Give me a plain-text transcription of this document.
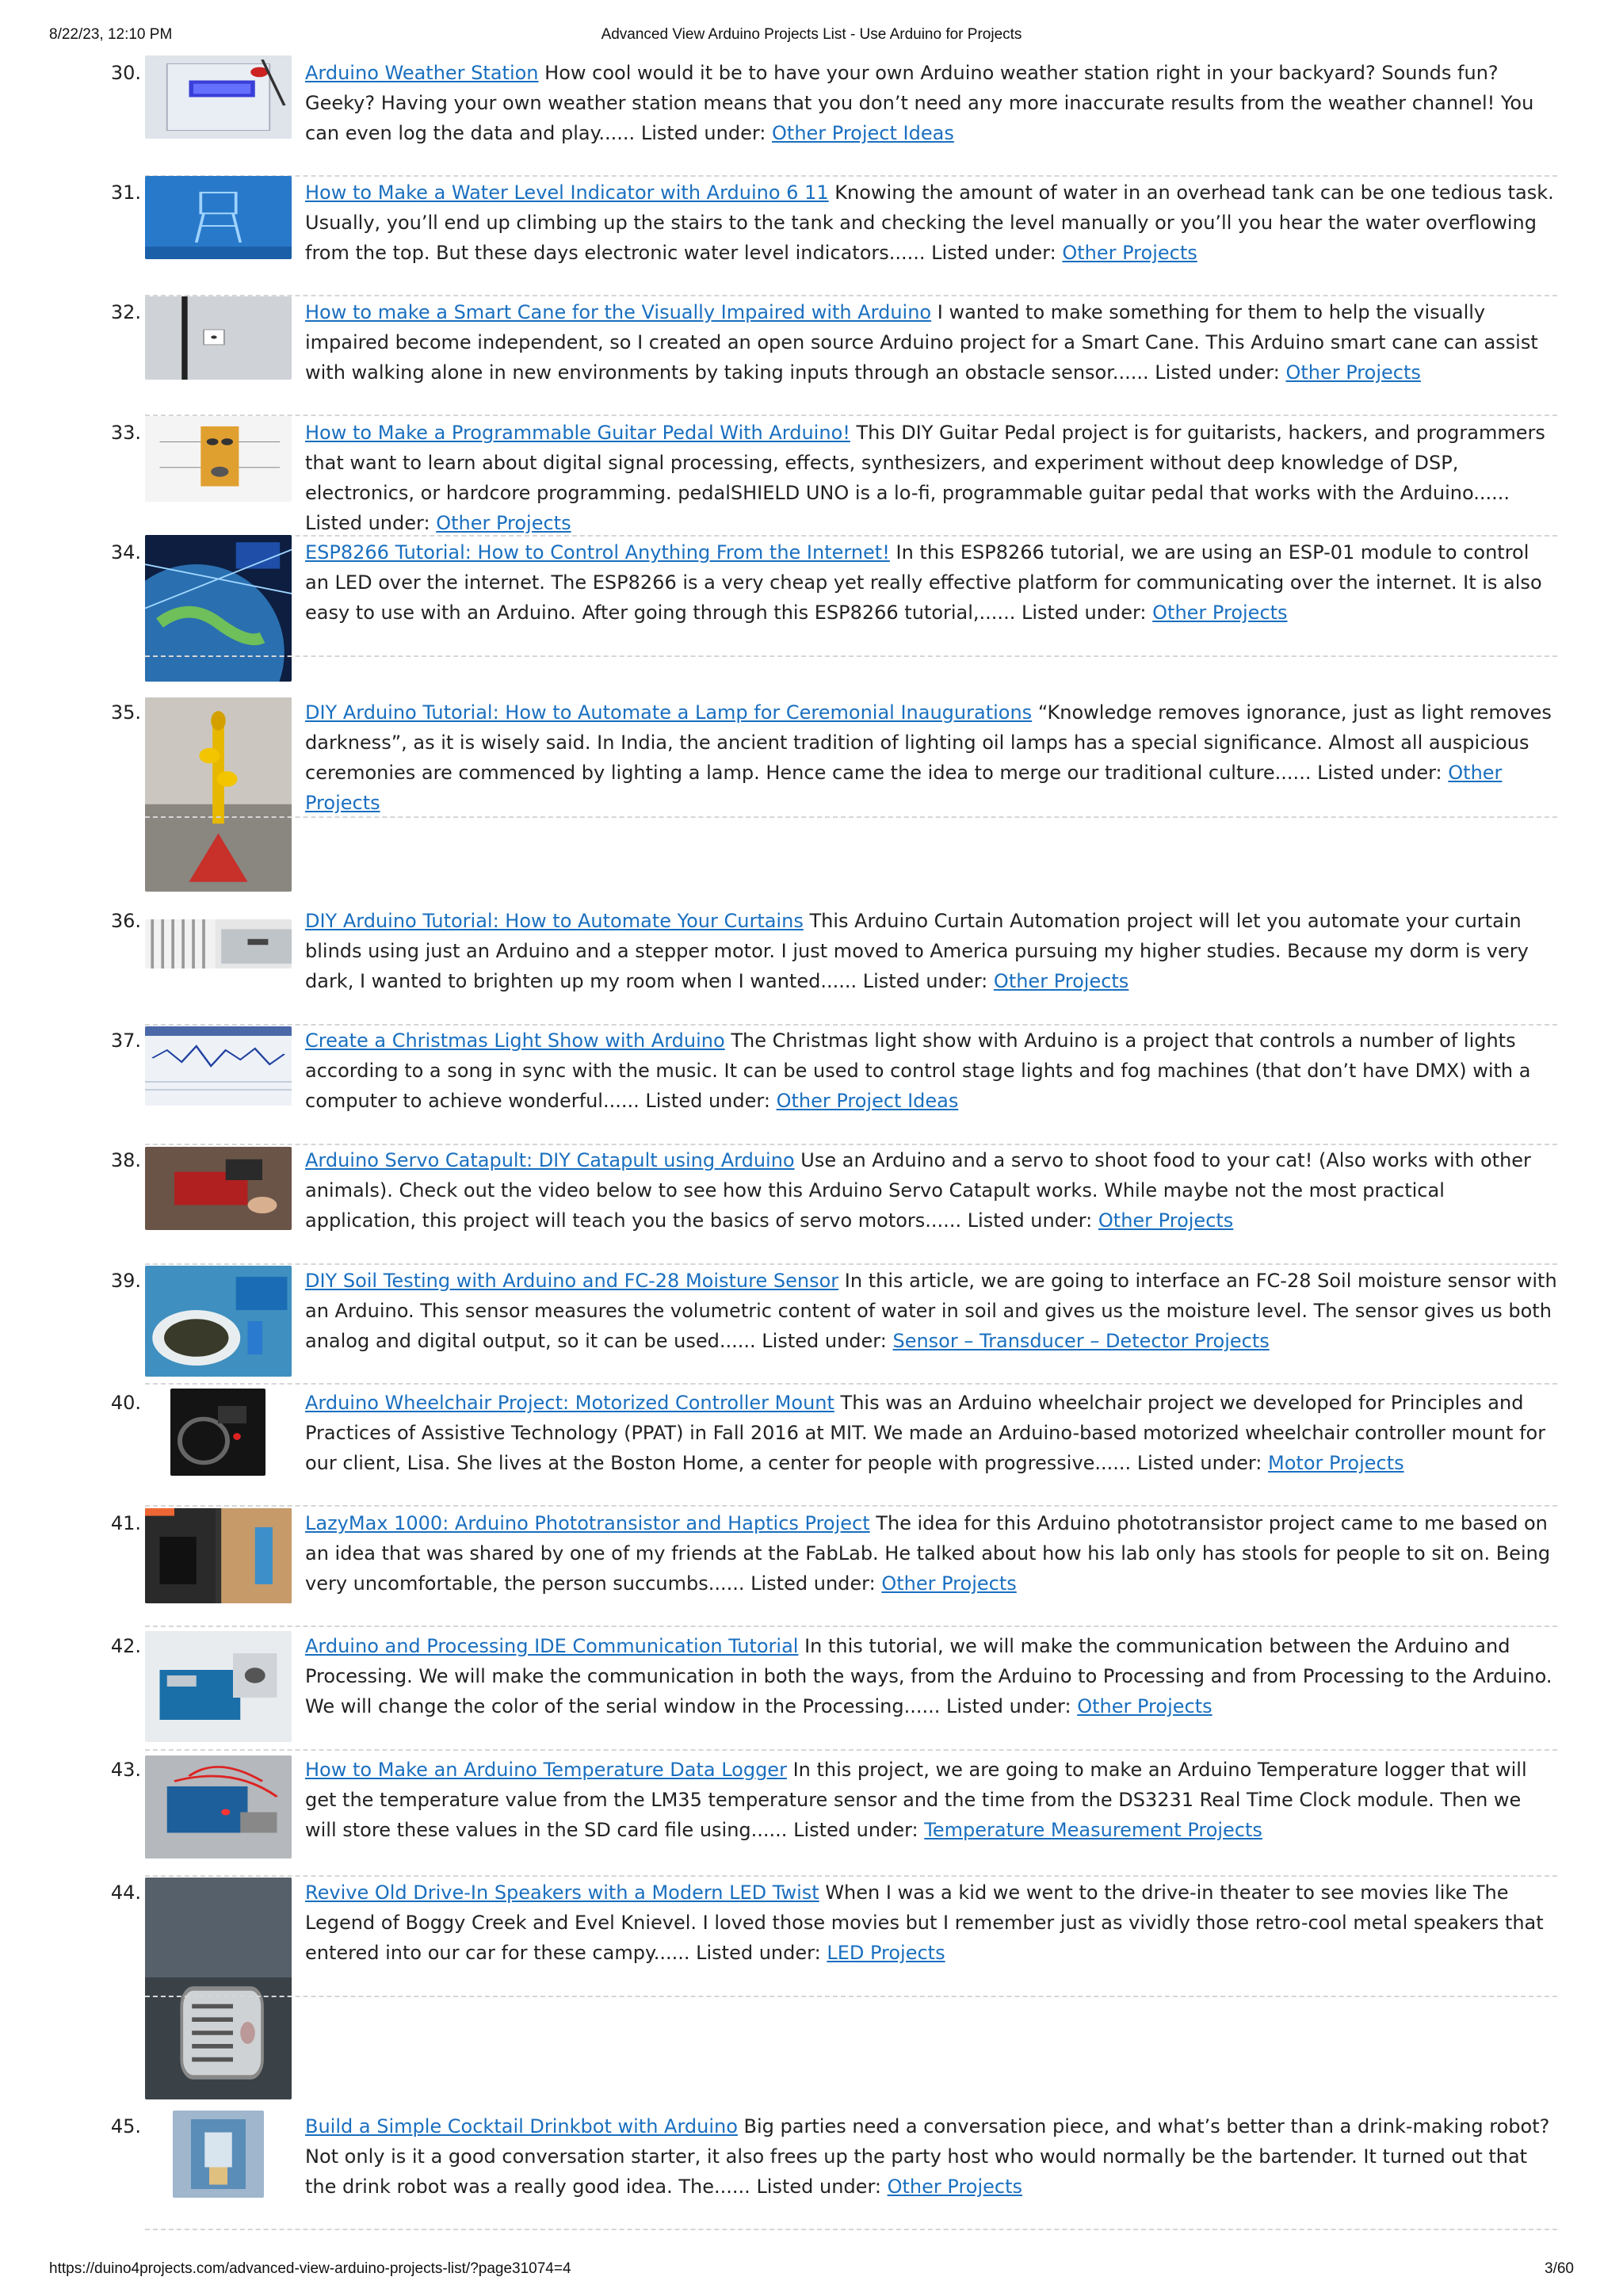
8/22/23, 12:10 PM	Advanced View Arduino Projects List - Use Arduino for Projects
30.	Arduino Weather Station How cool would it be to have your own Arduino weather station right in your backyard? Sounds fun? Geeky? Having your own weather station means that you don’t need any more inaccurate results from the weather channel! You can even log the data and play...... Listed under: Other Project Ideas
31.	How to Make a Water Level Indicator with Arduino 6 11 Knowing the amount of water in an overhead tank can be one tedious task. Usually, you’ll end up climbing up the stairs to the tank and checking the level manually or you’ll you hear the water overflowing from the top. But these days electronic water level indicators...... Listed under: Other Projects
32.	How to make a Smart Cane for the Visually Impaired with Arduino I wanted to make something for them to help the visually impaired become independent, so I created an open source Arduino project for a Smart Cane. This Arduino smart cane can assist with walking alone in new environments by taking inputs through an obstacle sensor...... Listed under: Other Projects
33.	How to Make a Programmable Guitar Pedal With Arduino! This DIY Guitar Pedal project is for guitarists, hackers, and programmers that want to learn about digital signal processing, effects, synthesizers, and experiment without deep knowledge of DSP, electronics, or hardcore programming. pedalSHIELD UNO is a lo-fi, programmable guitar pedal that works with the Arduino...... Listed under: Other Projects
34.	ESP8266 Tutorial: How to Control Anything From the Internet! In this ESP8266 tutorial, we are using an ESP-01 module to control an LED over the internet. The ESP8266 is a very cheap yet really effective platform for communicating over the internet. It is also easy to use with an Arduino. After going through this ESP8266 tutorial,...... Listed under: Other Projects
35.	DIY Arduino Tutorial: How to Automate a Lamp for Ceremonial Inaugurations “Knowledge removes ignorance, just as light removes darkness”, as it is wisely said. In India, the ancient tradition of lighting oil lamps has a special significance. Almost all auspicious ceremonies are commenced by lighting a lamp. Hence came the idea to merge our traditional culture...... Listed under: Other Projects
36.	DIY Arduino Tutorial: How to Automate Your Curtains This Arduino Curtain Automation project will let you automate your curtain blinds using just an Arduino and a stepper motor. I just moved to America pursuing my higher studies. Because my dorm is very dark, I wanted to brighten up my room when I wanted...... Listed under: Other Projects
37.	Create a Christmas Light Show with Arduino The Christmas light show with Arduino is a project that controls a number of lights according to a song in sync with the music. It can be used to control stage lights and fog machines (that don’t have DMX) with a computer to achieve wonderful...... Listed under: Other Project Ideas
38.	Arduino Servo Catapult: DIY Catapult using Arduino Use an Arduino and a servo to shoot food to your cat! (Also works with other animals). Check out the video below to see how this Arduino Servo Catapult works. While maybe not the most practical application, this project will teach you the basics of servo motors...... Listed under: Other Projects
39.	DIY Soil Testing with Arduino and FC-28 Moisture Sensor In this article, we are going to interface an FC-28 Soil moisture sensor with an Arduino. This sensor measures the volumetric content of water in soil and gives us the moisture level. The sensor gives us both analog and digital output, so it can be used...... Listed under: Sensor – Transducer – Detector Projects
40.	Arduino Wheelchair Project: Motorized Controller Mount This was an Arduino wheelchair project we developed for Principles and Practices of Assistive Technology (PPAT) in Fall 2016 at MIT. We made an Arduino-based motorized wheelchair controller mount for our client, Lisa. She lives at the Boston Home, a center for people with progressive...... Listed under: Motor Projects
41.	LazyMax 1000: Arduino Phototransistor and Haptics Project The idea for this Arduino phototransistor project came to me based on an idea that was shared by one of my friends at the FabLab. He talked about how his lab only has stools for people to sit on. Being very uncomfortable, the person succumbs...... Listed under: Other Projects
42.	Arduino and Processing IDE Communication Tutorial In this tutorial, we will make the communication between the Arduino and Processing. We will make the communication in both the ways, from the Arduino to Processing and from Processing to the Arduino. We will change the color of the serial window in the Processing...... Listed under: Other Projects
43.	How to Make an Arduino Temperature Data Logger In this project, we are going to make an Arduino Temperature logger that will get the temperature value from the LM35 temperature sensor and the time from the DS3231 Real Time Clock module. Then we will store these values in the SD card file using...... Listed under: Temperature Measurement Projects
44.	Revive Old Drive-In Speakers with a Modern LED Twist When I was a kid we went to the drive-in theater to see movies like The Legend of Boggy Creek and Evel Knievel. I loved those movies but I remember just as vividly those retro-cool metal speakers that entered into our car for these campy...... Listed under: LED Projects
45.	Build a Simple Cocktail Drinkbot with Arduino Big parties need a conversation piece, and what’s better than a drink-making robot? Not only is it a good conversation starter, it also frees up the party host who would normally be the bartender. It turned out that the drink robot was a really good idea. The...... Listed under: Other Projects
https://duino4projects.com/advanced-view-arduino-projects-list/?page31074=4	3/60
